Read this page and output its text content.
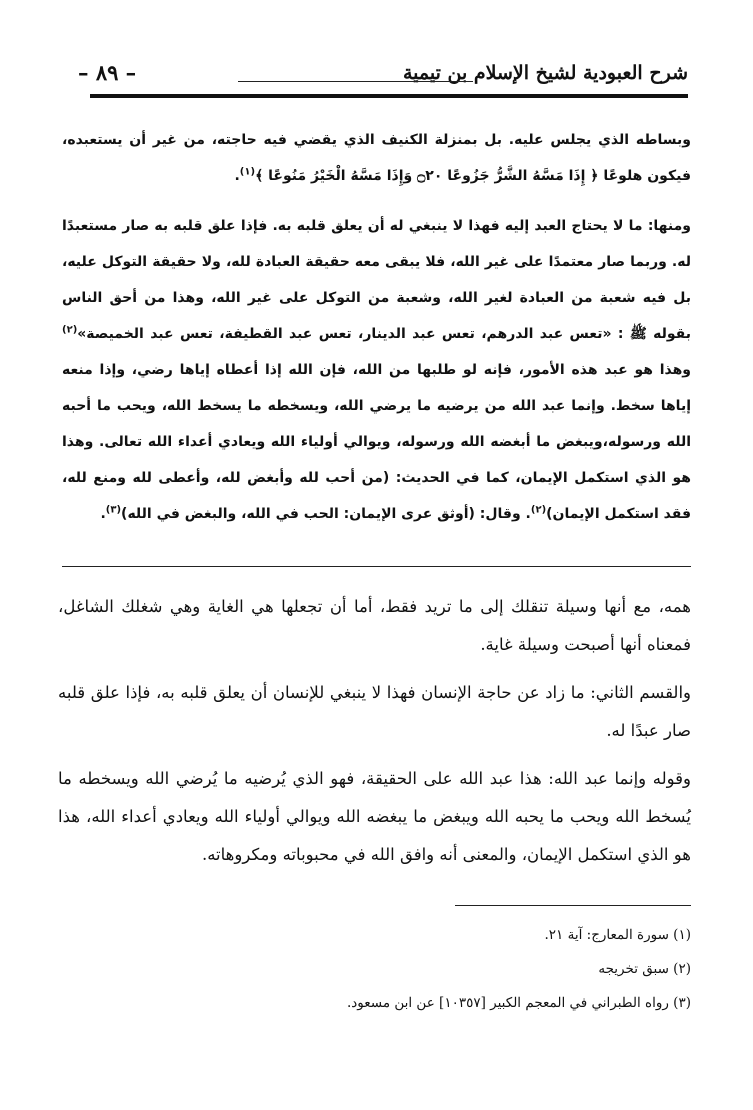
شرح العبودية لشيخ الإسلام بن تيمية
– ٨٩ –

وبساطه الذي يجلس عليه. بل بمنزلة الكنيف الذي يقضي فيه حاجته، من غير أن يستعبده، فيكون هلوعًا ﴿ إِذَا مَسَّهُ الشَّرُّ جَزُوعًا ۝٢٠ وَإِذَا مَسَّهُ الْخَيْرُ مَنُوعًا ﴾$^{(١)}$.

ومنها: ما لا يحتاج العبد إليه فهذا لا ينبغي له أن يعلق قلبه به. فإذا علق قلبه به صار مستعبدًا له. وربما صار معتمدًا على غير الله، فلا يبقى معه حقيقة العبادة لله، ولا حقيقة التوكل عليه، بل فيه شعبة من العبادة لغير الله، وشعبة من التوكل على غير الله، وهذا من أحق الناس بقوله ﷺ : «تعس عبد الدرهم، تعس عبد الدينار، تعس عبد القطيفة، تعس عبد الخميصة»$^{(٢)}$ وهذا هو عبد هذه الأمور، فإنه لو طلبها من الله، فإن الله إذا أعطاه إياها رضي، وإذا منعه إياها سخط. وإنما عبد الله من يرضيه ما يرضي الله، ويسخطه ما يسخط الله، ويحب ما أحبه الله ورسوله،ويبغض ما أبغضه الله ورسوله، ويوالي أولياء الله ويعادي أعداء الله تعالى. وهذا هو الذي استكمل الإيمان، كما في الحديث: (من أحب لله وأبغض لله، وأعطى لله ومنع لله، فقد استكمل الإيمان)$^{(٢)}$. وقال: (أوثق عرى الإيمان: الحب في الله، والبغض في الله)$^{(٣)}$.

همه، مع أنها وسيلة تنقلك إلى ما تريد فقط، أما أن تجعلها هي الغاية وهي شغلك الشاغل، فمعناه أنها أصبحت وسيلة غاية.

والقسم الثاني: ما زاد عن حاجة الإنسان فهذا لا ينبغي للإنسان أن يعلق قلبه به، فإذا علق قلبه صار عبدًا له.

وقوله وإنما عبد الله: هذا عبد الله على الحقيقة، فهو الذي يُرضيه ما يُرضي الله ويسخطه ما يُسخط الله ويحب ما يحبه الله ويبغض ما يبغضه الله ويوالي أولياء الله ويعادي أعداء الله، هذا هو الذي استكمل الإيمان، والمعنى أنه وافق الله في محبوباته ومكروهاته.

(١) سورة المعارج: آية ٢١.
(٢) سبق تخريجه
(٣) رواه الطبراني في المعجم الكبير [١٠٣٥٧] عن ابن مسعود.
